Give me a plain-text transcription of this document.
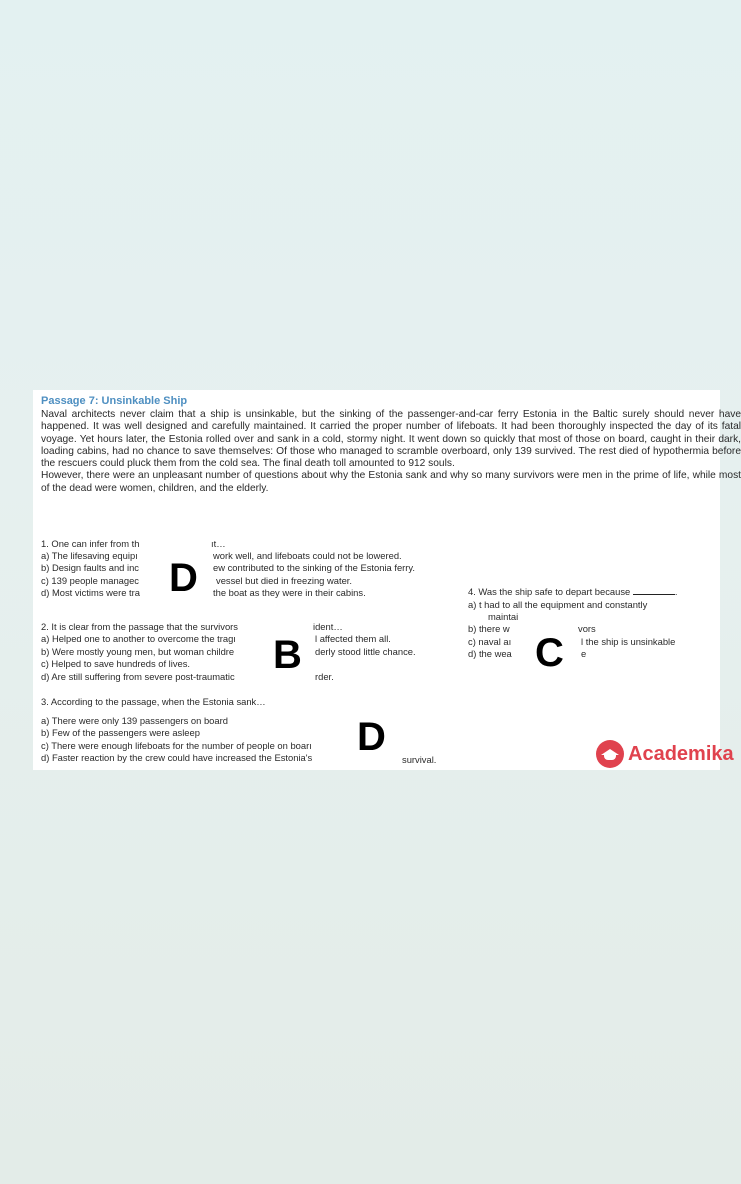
Passage 7: Unsinkable Ship

Naval architects never claim that a ship is unsinkable, but the sinking of the passenger-and-car ferry Estonia in the Baltic surely should never have happened. It was well designed and carefully maintained. It carried the proper number of lifeboats. It had been thoroughly inspected the day of its fatal voyage. Yet hours later, the Estonia rolled over and sank in a cold, stormy night. It went down so quickly that most of those on board, caught in their dark, loading cabins, had no chance to save themselves: Of those who managed to scramble overboard, only 139 survived. The rest died of hypothermia before the rescuers could pluck them from the cold sea. The final death toll amounted to 912 souls.

However, there were an unpleasant number of questions about why the Estonia sank and why so many survivors were men in the prime of life, while most of the dead were women, children, and the elderly.

1. One can infer from th	ıt…
a) The lifesaving equipı	work well, and lifeboats could not be lowered.
b) Design faults and inc	ew contributed to the sinking of the Estonia ferry.
c) 139 people managec	vessel but died in freezing water.
d) Most victims were tra	the boat as they were in their cabins.
D
2. It is clear from the passage that the survivors	ident…
a) Helped one to another to overcome the tragı	l affected them all.
b) Were mostly young men, but woman childre	derly stood little chance.
c) Helped to save hundreds of lives.
d) Are still suffering from severe post-traumatic	rder.
B
3. According to the passage, when the Estonia sank…
a) There were only 139 passengers on board
b) Few of the passengers were asleep
c) There were enough lifeboats for the number of people on boarı
d) Faster reaction by the crew could have increased the Estonia's	survival.
D
4. Was the ship safe to depart because	.
a) t had to all the equipment and constantly
maintai
b) there w	vors
c) naval aı	l the ship is unsinkable
d) the wea	e
C
Academika
